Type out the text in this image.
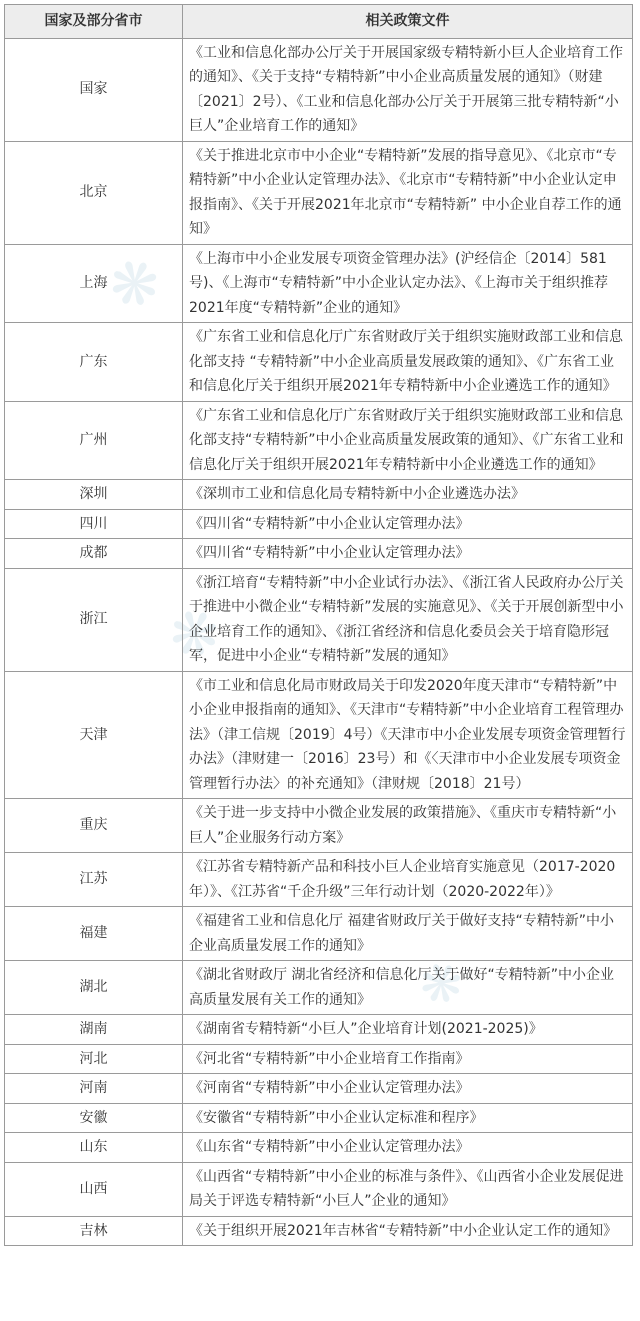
❋
❋
❋
国家及部分省市	相关政策文件
国家	《工业和信息化部办公厅关于开展国家级专精特新小巨人企业培育工作的通知》、《关于支持“专精特新”中小企业高质量发展的通知》（财建〔2021〕2号）、《工业和信息化部办公厅关于开展第三批专精特新“小巨人”企业培育工作的通知》
北京	《关于推进北京市中小企业“专精特新”发展的指导意见》、《北京市“专精特新”中小企业认定管理办法》、《北京市“专精特新”中小企业认定申报指南》、《关于开展2021年北京市“专精特新” 中小企业自荐工作的通知》
上海	《上海市中小企业发展专项资金管理办法》(沪经信企〔2014〕581号)、《上海市“专精特新”中小企业认定办法》、《上海市关于组织推荐2021年度“专精特新”企业的通知》
广东	《广东省工业和信息化厅广东省财政厅关于组织实施财政部工业和信息化部支持 “专精特新”中小企业高质量发展政策的通知》、《广东省工业和信息化厅关于组织开展2021年专精特新中小企业遴选工作的通知》
广州	《广东省工业和信息化厅广东省财政厅关于组织实施财政部工业和信息化部支持“专精特新”中小企业高质量发展政策的通知》、《广东省工业和信息化厅关于组织开展2021年专精特新中小企业遴选工作的通知》
深圳	《深圳市工业和信息化局专精特新中小企业遴选办法》
四川	《四川省“专精特新”中小企业认定管理办法》
成都	《四川省“专精特新”中小企业认定管理办法》
浙江	《浙江培育“专精特新”中小企业试行办法》、《浙江省人民政府办公厅关于推进中小微企业“专精特新”发展的实施意见》、《关于开展创新型中小企业培育工作的通知》、《浙江省经济和信息化委员会关于培育隐形冠军，促进中小企业“专精特新”发展的通知》
天津	《市工业和信息化局市财政局关于印发2020年度天津市“专精特新”中小企业申报指南的通知》、《天津市“专精特新”中小企业培育工程管理办法》（津工信规〔2019〕4号）《天津市中小企业发展专项资金管理暂行办法》（津财建一〔2016〕23号）和《〈天津市中小企业发展专项资金管理暂行办法〉的补充通知》（津财规〔2018〕21号）
重庆	《关于进一步支持中小微企业发展的政策措施》、《重庆市专精特新“小巨人”企业服务行动方案》
江苏	《江苏省专精特新产品和科技小巨人企业培育实施意见（2017-2020年）》、《江苏省“千企升级”三年行动计划（2020-2022年）》
福建	《福建省工业和信息化厅 福建省财政厅关于做好支持“专精特新”中小企业高质量发展工作的通知》
湖北	《湖北省财政厅 湖北省经济和信息化厅关于做好“专精特新”中小企业高质量发展有关工作的通知》
湖南	《湖南省专精特新“小巨人”企业培育计划(2021-2025)》
河北	《河北省“专精特新”中小企业培育工作指南》
河南	《河南省“专精特新”中小企业认定管理办法》
安徽	《安徽省“专精特新”中小企业认定标准和程序》
山东	《山东省“专精特新”中小企业认定管理办法》
山西	《山西省“专精特新”中小企业的标准与条件》、《山西省小企业发展促进局关于评选专精特新“小巨人”企业的通知》
吉林	《关于组织开展2021年吉林省“专精特新”中小企业认定工作的通知》
